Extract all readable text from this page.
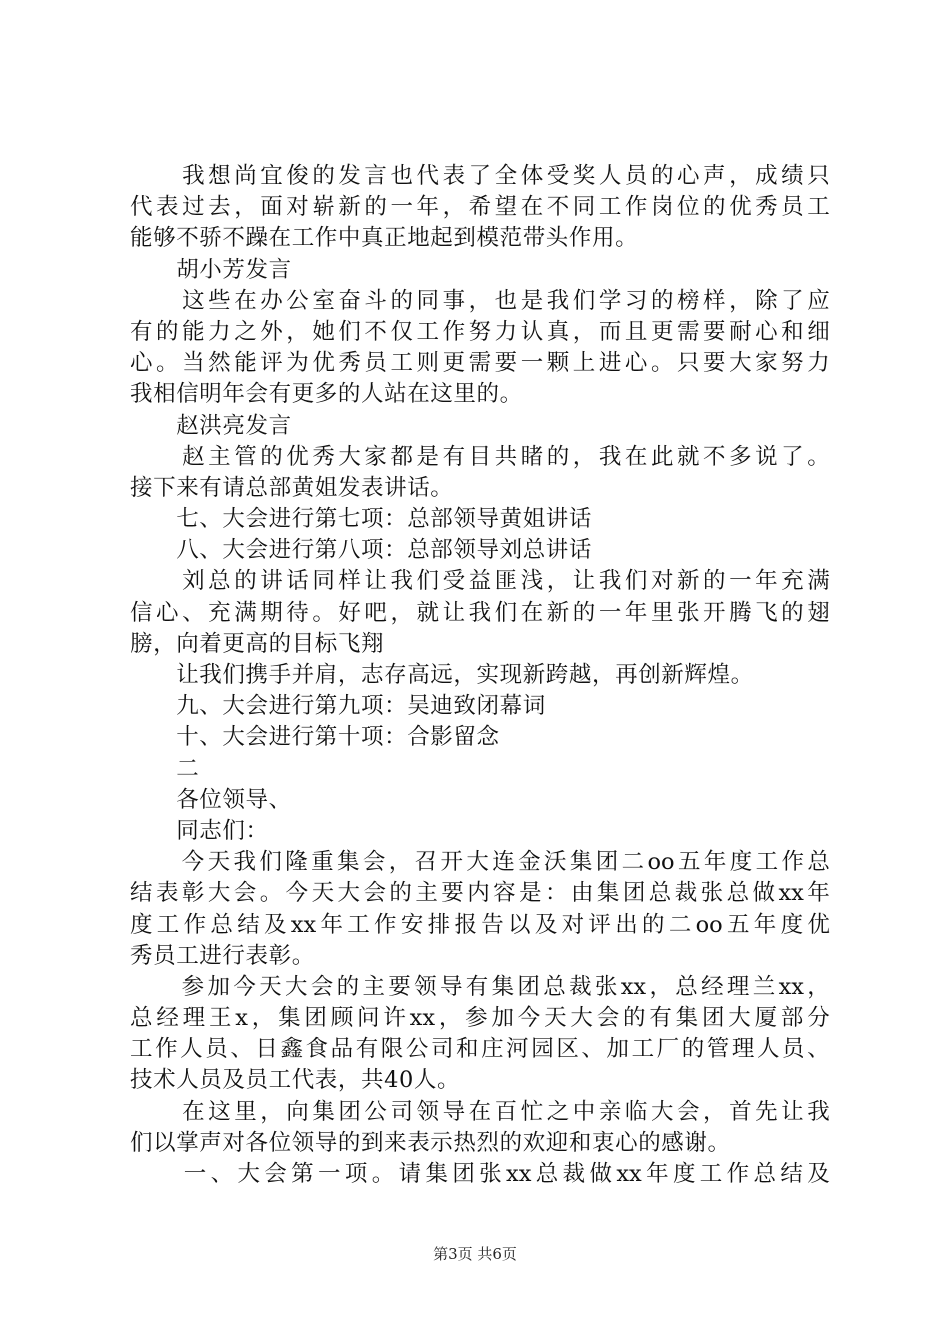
我 想 尚 宜 俊 的 发 言 也 代 表 了 全 体 受 奖 人 员 的 心 声 ， 成 绩 只
代 表 过 去 ， 面 对 崭 新 的 一 年 ， 希 望 在 不 同 工 作 岗 位 的 优 秀 员 工
能够不骄不躁在工作中真正地起到模范带头作用。
　　胡小芳发言

这 些 在 办 公 室 奋 斗 的 同 事 ， 也 是 我 们 学 习 的 榜 样 ， 除 了 应
有 的 能 力 之 外 ， 她 们 不 仅 工 作 努 力 认 真 ， 而 且 更 需 要 耐 心 和 细
心 。 当 然 能 评 为 优 秀 员 工 则 更 需 要 一 颗 上 进 心 。 只 要 大 家 努 力
我相信明年会有更多的人站在这里的。
　　赵洪亮发言

赵 主 管 的 优 秀 大 家 都 是 有 目 共 睹 的 ， 我 在 此 就 不 多 说 了 。
接下来有请总部黄姐发表讲话。
　　七、大会进行第七项：总部领导黄姐讲话
　　八、大会进行第八项：总部领导刘总讲话

刘 总 的 讲 话 同 样 让 我 们 受 益 匪 浅 ， 让 我 们 对 新 的 一 年 充 满
信 心 、 充 满 期 待 。 好 吧 ， 就 让 我 们 在 新 的 一 年 里 张 开 腾 飞 的 翅
膀，向着更高的目标飞翔
　　让我们携手并肩，志存高远，实现新跨越，再创新辉煌。
　　九、大会进行第九项：吴迪致闭幕词
　　十、大会进行第十项：合影留念
　　二
　　各位领导、
　　同志们：

今 天 我 们 隆 重 集 会 ， 召 开 大 连 金 沃 集 团 二 oo 五 年 度 工 作 总
结 表 彰 大 会 。 今 天 大 会 的 主 要 内 容 是 ： 由 集 团 总 裁 张 总 做 xx 年
度 工 作 总 结 及 xx 年 工 作 安 排 报 告 以 及 对 评 出 的 二 oo 五 年 度 优
秀员工进行表彰。

参 加 今 天 大 会 的 主 要 领 导 有 集 团 总 裁 张 xx ， 总 经 理 兰 xx ，
总 经 理 王 x ， 集 团 顾 问 许 xx ， 参 加 今 天 大 会 的 有 集 团 大 厦 部 分
工 作 人 员 、 日 鑫 食 品 有 限 公 司 和 庄 河 园 区 、 加 工 厂 的 管 理 人 员 、
技术人员及员工代表，共40人。

在 这 里 ， 向 集 团 公 司 领 导 在 百 忙 之 中 亲 临 大 会 ， 首 先 让 我
们以掌声对各位领导的到来表示热烈的欢迎和衷心的感谢。

一 、 大 会 第 一 项 。 请 集 团 张 xx 总 裁 做 xx 年 度 工 作 总 结 及
第3页 共6页
